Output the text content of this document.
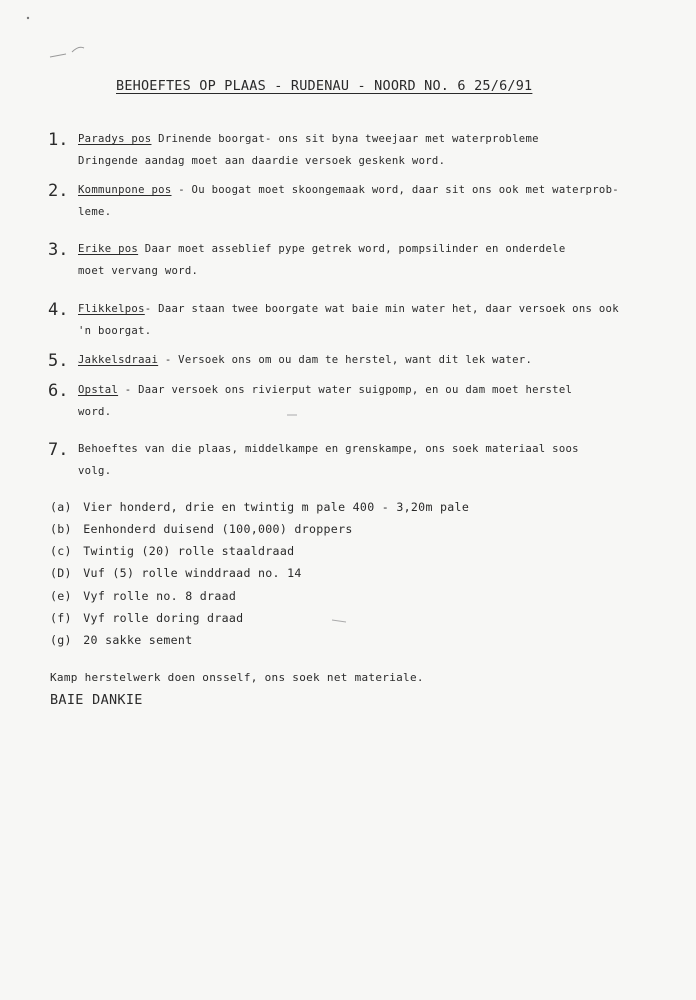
BEHOEFTES OP PLAAS - RUDENAU - NOORD NO. 6 25/6/91
1. Paradys pos Drinende boorgat- ons sit byna tweejaar met waterprobleme
Dringende aandag moet aan daardie versoek geskenk word.
2. Kommunpone pos - Ou boogat moet skoongemaak word, daar sit ons ook met waterprob-
leme.
3. Erike pos Daar moet asseblief pype getrek word, pompsilinder en onderdele
moet vervang word.
4. Flikkelpos- Daar staan twee boorgate wat baie min water het, daar versoek ons ook
'n boorgat.
5. Jakkelsdraai - Versoek ons om ou dam te herstel, want dit lek water.
6. Opstal - Daar versoek ons rivierput water suigpomp, en ou dam moet herstel
word.
7. Behoeftes van die plaas, middelkampe en grenskampe, ons soek materiaal soos
volg.
(a) Vier honderd, drie en twintig m pale 400 - 3,20m pale
(b) Eenhonderd duisend (100,000) droppers
(c) Twintig (20) rolle staaldraad
(D) Vuf (5) rolle winddraad no. 14
(e) Vyf rolle no. 8 draad
(f) Vyf rolle doring draad
(g) 20 sakke sement
Kamp herstelwerk doen onsself, ons soek net materiale.
BAIE DANKIE
